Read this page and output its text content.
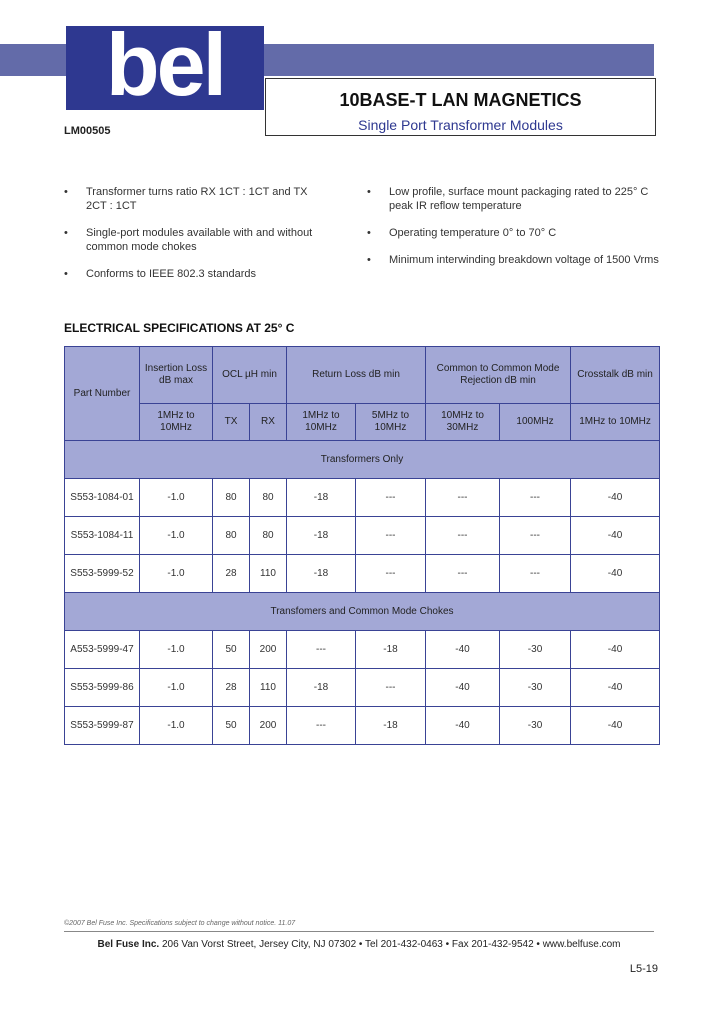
bel	10BASE-T LAN MAGNETICS
Single Port Transformer Modules
LM00505
• Transformer turns ratio RX 1CT : 1CT and TX 2CT : 1CT
• Single-port modules available with and without common mode chokes
• Conforms to IEEE 802.3 standards
• Low profile, surface mount packaging rated to 225° C peak IR reflow temperature
• Operating temperature 0° to 70° C
• Minimum interwinding breakdown voltage of 1500 Vrms
ELECTRICAL SPECIFICATIONS AT 25° C
Part Number	Insertion Loss dB max	OCL µH min		Return Loss dB min		Common to Common Mode Rejection dB min		Crosstalk dB min
	1MHz to 10MHz	TX	RX	1MHz to 10MHz	5MHz to 10MHz	10MHz to 30MHz	100MHz	1MHz to 10MHz
Transformers Only								
S553-1084-01	-1.0	80	80	-18	---	---	---	-40
S553-1084-11	-1.0	80	80	-18	---	---	---	-40
S553-5999-52	-1.0	28	110	-18	---	---	---	-40
Transfomers and Common Mode Chokes								
A553-5999-47	-1.0	50	200	---	-18	-40	-30	-40
S553-5999-86	-1.0	28	110	-18	---	-40	-30	-40
S553-5999-87	-1.0	50	200	---	-18	-40	-30	-40
©2007 Bel Fuse Inc. Specifications subject to change without notice. 11.07
Bel Fuse Inc. 206 Van Vorst Street, Jersey City, NJ 07302 • Tel 201-432-0463 • Fax 201-432-9542 • www.belfuse.com
L5-19
